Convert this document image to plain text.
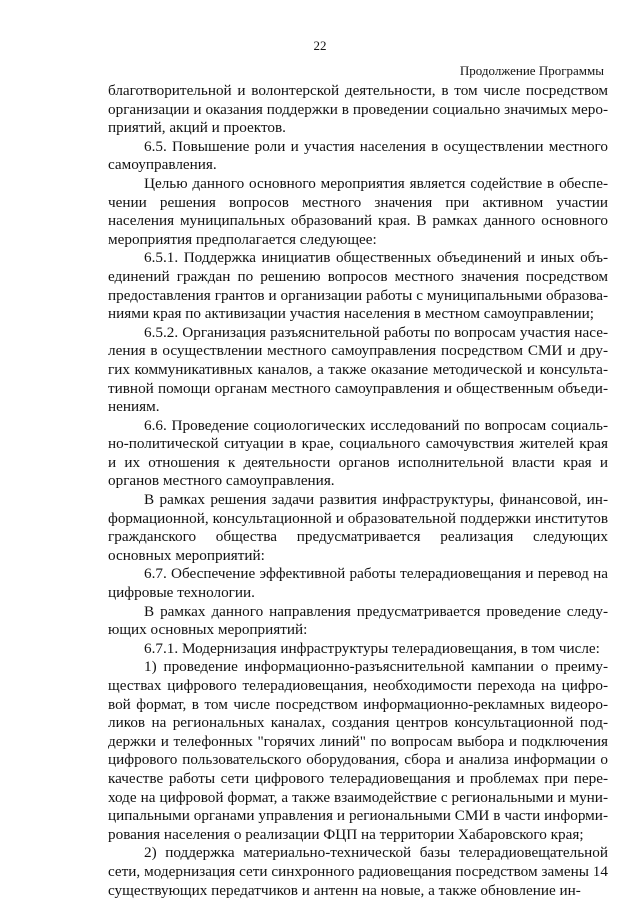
22
Продолжение Программы

благотворительной и волонтерской деятельности, в том числе посредством организации и оказания поддержки в проведении социально значимых мероприятий, акций и проектов.

6.5. Повышение роли и участия населения в осуществлении местного самоуправления.

Целью данного основного мероприятия является содействие в обеспечении решения вопросов местного значения при активном участии населения муниципальных образований края. В рамках данного основного мероприятия предполагается следующее:

6.5.1. Поддержка инициатив общественных объединений и иных объединений граждан по решению вопросов местного значения посредством предоставления грантов и организации работы с муниципальными образованиями края по активизации участия населения в местном самоуправлении;

6.5.2. Организация разъяснительной работы по вопросам участия населения в осуществлении местного самоуправления посредством СМИ и других коммуникативных каналов, а также оказание методической и консультативной помощи органам местного самоуправления и общественным объединениям.

6.6. Проведение социологических исследований по вопросам социально-политической ситуации в крае, социального самочувствия жителей края и их отношения к деятельности органов исполнительной власти края и органов местного самоуправления.

В рамках решения задачи развития инфраструктуры, финансовой, информационной, консультационной и образовательной поддержки институтов гражданского общества предусматривается реализация следующих основных мероприятий:

6.7. Обеспечение эффективной работы телерадиовещания и перевод на цифровые технологии.

В рамках данного направления предусматривается проведение следующих основных мероприятий:

6.7.1. Модернизация инфраструктуры телерадиовещания, в том числе:

1) проведение информационно-разъяснительной кампании о преимуществах цифрового телерадиовещания, необходимости перехода на цифровой формат, в том числе посредством информационно-рекламных видеороликов на региональных каналах, создания центров консультационной поддержки и телефонных "горячих линий" по вопросам выбора и подключения цифрового пользовательского оборудования, сбора и анализа информации о качестве работы сети цифрового телерадиовещания и проблемах при переходе на цифровой формат, а также взаимодействие с региональными и муниципальными органами управления и региональными СМИ в части информирования населения о реализации ФЦП на территории Хабаровского края;

2) поддержка материально-технической базы телерадиовещательной сети, модернизация сети синхронного радиовещания посредством замены 14 существующих передатчиков и антенн на новые, а также обновление ин-
